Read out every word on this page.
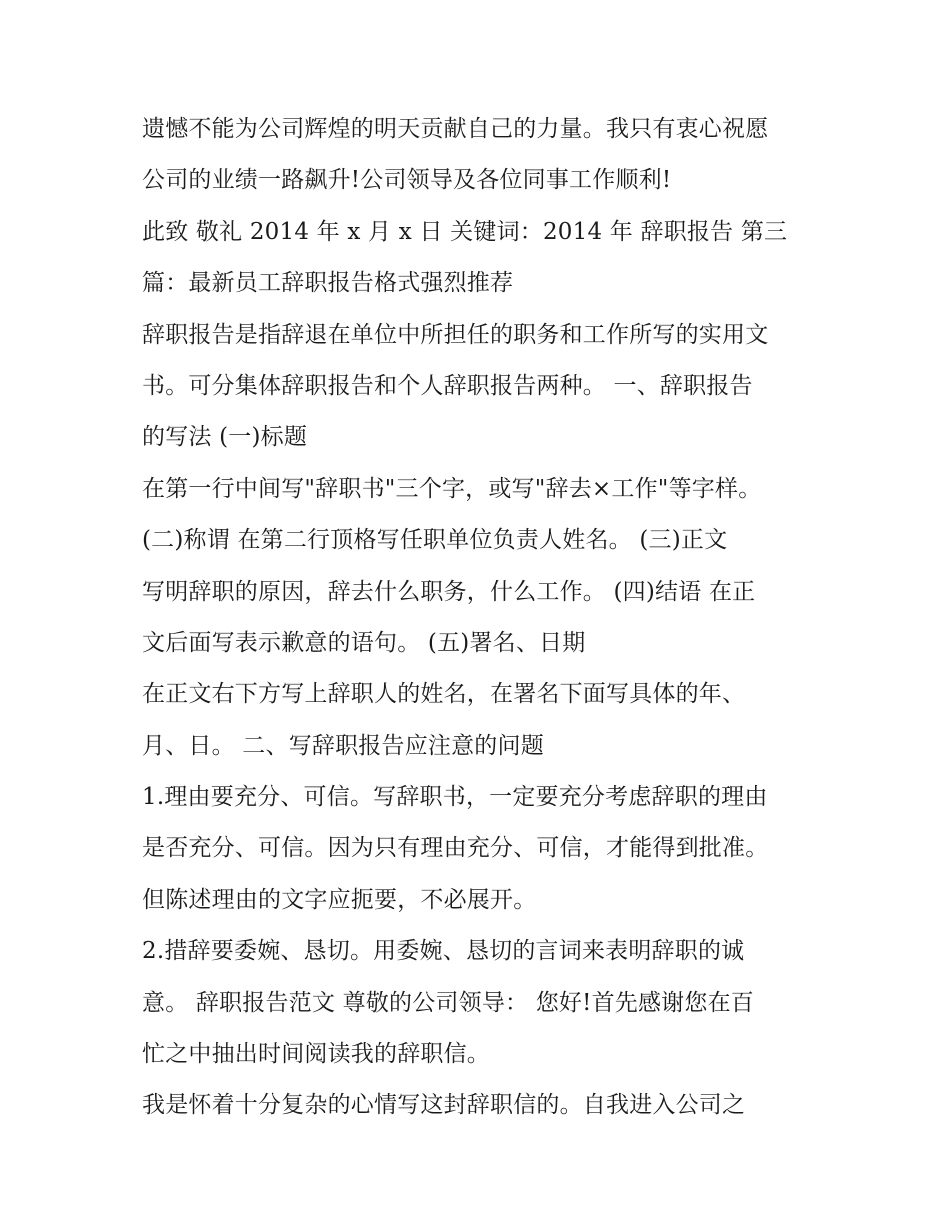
遗憾不能为公司辉煌的明天贡献自己的力量。我只有衷心祝愿
公司的业绩一路飙升!公司领导及各位同事工作顺利!
此致 敬礼 2014 年 x 月 x 日 关键词：2014 年 辞职报告 第三
篇：最新员工辞职报告格式强烈推荐
辞职报告是指辞退在单位中所担任的职务和工作所写的实用文
书。可分集体辞职报告和个人辞职报告两种。 一、辞职报告
的写法 (一)标题
在第一行中间写"辞职书"三个字，或写"辞去×工作"等字样。
(二)称谓 在第二行顶格写任职单位负责人姓名。 (三)正文
写明辞职的原因，辞去什么职务，什么工作。 (四)结语 在正
文后面写表示歉意的语句。 (五)署名、日期
在正文右下方写上辞职人的姓名，在署名下面写具体的年、
月、日。 二、写辞职报告应注意的问题
1.理由要充分、可信。写辞职书，一定要充分考虑辞职的理由
是否充分、可信。因为只有理由充分、可信，才能得到批准。
但陈述理由的文字应扼要，不必展开。
2.措辞要委婉、恳切。用委婉、恳切的言词来表明辞职的诚
意。 辞职报告范文 尊敬的公司领导： 您好!首先感谢您在百
忙之中抽出时间阅读我的辞职信。
我是怀着十分复杂的心情写这封辞职信的。自我进入公司之
